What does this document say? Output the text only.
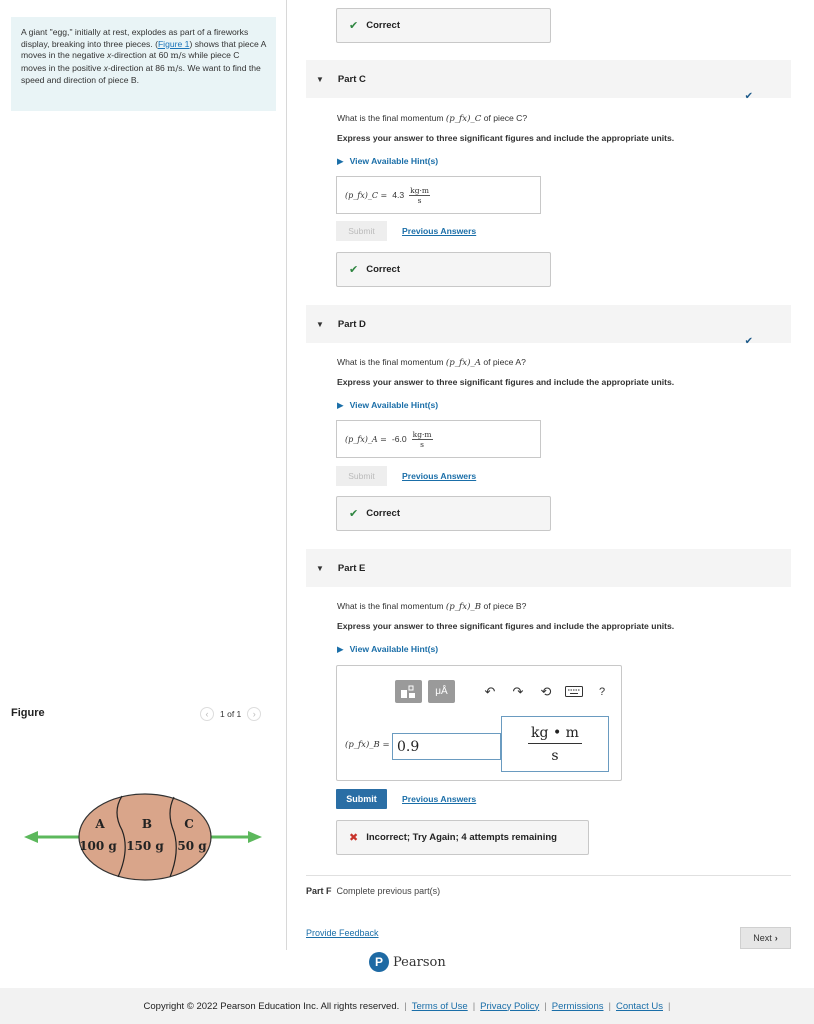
A giant "egg," initially at rest, explodes as part of a fireworks display, breaking into three pieces. (Figure 1) shows that piece A moves in the negative x-direction at 60 m/s while piece C moves in the positive x-direction at 86 m/s. We want to find the speed and direction of piece B.
Figure	‹	1 of 1	›
A
100 g
B
150 g
C
50 g
✔ Correct
▼ Part C
✔
What is the final momentum (p_fx)_C of piece C?
Express your answer to three significant figures and include the appropriate units.
▶ View Available Hint(s)
(p_fx)_C = $4.3 \frac{kg\cdot m}{s}$
Submit	Previous Answers
✔ Correct
▼ Part D
✔
What is the final momentum (p_fx)_A of piece A?
Express your answer to three significant figures and include the appropriate units.
▶ View Available Hint(s)
(p_fx)_A = $-6.0 \frac{kg\cdot m}{s}$
Submit	Previous Answers
✔ Correct
▼ Part E
What is the final momentum (p_fx)_B of piece B?
Express your answer to three significant figures and include the appropriate units.
▶ View Available Hint(s)
μÅ	↶	↷	⟲	?
(p_fx)_B = 0.9	$\frac{kg • m}{s}$
Submit	Previous Answers
✖ Incorrect; Try Again; 4 attempts remaining
Part F Complete previous part(s)
Provide Feedback	Next ›
P Pearson
Copyright © 2022 Pearson Education Inc. All rights reserved. | Terms of Use | Privacy Policy | Permissions | Contact Us |
